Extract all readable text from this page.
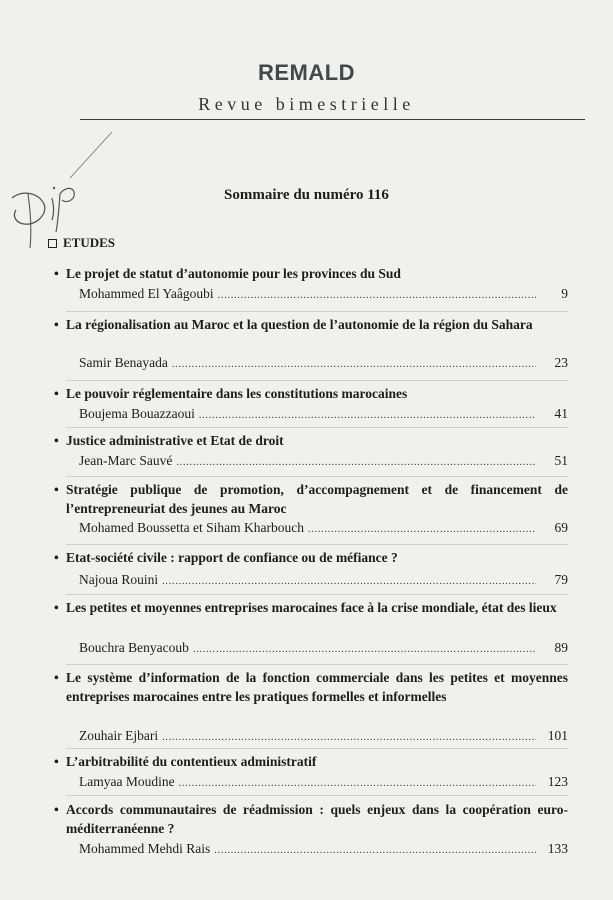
REMALD
Revue bimestrielle
Sommaire du numéro 116
ETUDES
• Le projet de statut d’autonomie pour les provinces du Sud
Mohammed El Yaâgoubi .....	9
• La régionalisation au Maroc et la question de l’autonomie de la région du Sahara
Samir Benayada .....	23
• Le pouvoir réglementaire dans les constitutions marocaines
Boujema Bouazzaoui .....	41
• Justice administrative et Etat de droit
Jean-Marc Sauvé .....	51
• Stratégie publique de promotion, d’accompagnement et de financement de l’entrepreneuriat des jeunes au Maroc
Mohamed Boussetta et Siham Kharbouch .....	69
• Etat-société civile : rapport de confiance ou de méfiance ?
Najoua Rouini .....	79
• Les petites et moyennes entreprises marocaines face à la crise mondiale, état des lieux
Bouchra Benyacoub .....	89
• Le système d’information de la fonction commerciale dans les petites et moyennes entreprises marocaines entre les pratiques formelles et informelles
Zouhair Ejbari .....	101
• L’arbitrabilité du contentieux administratif
Lamyaa Moudine .....	123
• Accords communautaires de réadmission : quels enjeux dans la coopération euro-méditerranéenne ?
Mohammed Mehdi Rais .....	133
